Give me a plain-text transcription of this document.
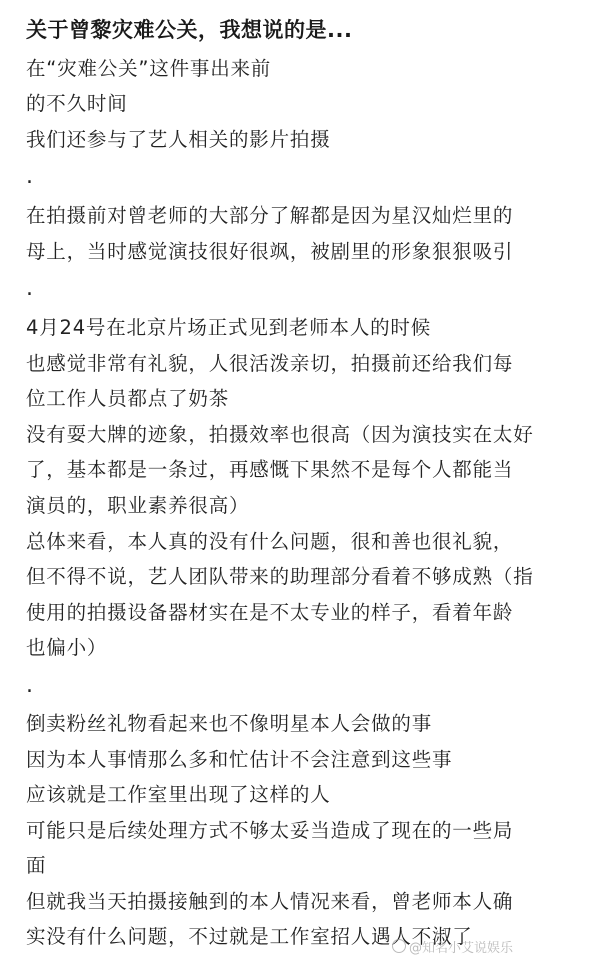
关于曾黎灾难公关，我想说的是...
在“灾难公关”这件事出来前
的不久时间
我们还参与了艺人相关的影片拍摄
.
在拍摄前对曾老师的大部分了解都是因为星汉灿烂里的
母上，当时感觉演技很好很飒，被剧里的形象狠狠吸引
.
4月24号在北京片场正式见到老师本人的时候
也感觉非常有礼貌，人很活泼亲切，拍摄前还给我们每
位工作人员都点了奶茶
没有耍大牌的迹象，拍摄效率也很高（因为演技实在太好
了，基本都是一条过，再感慨下果然不是每个人都能当
演员的，职业素养很高）
总体来看，本人真的没有什么问题，很和善也很礼貌，
但不得不说，艺人团队带来的助理部分看着不够成熟（指
使用的拍摄设备器材实在是不太专业的样子，看着年龄
也偏小）
.
倒卖粉丝礼物看起来也不像明星本人会做的事
因为本人事情那么多和忙估计不会注意到这些事
应该就是工作室里出现了这样的人
可能只是后续处理方式不够太妥当造成了现在的一些局
面
但就我当天拍摄接触到的本人情况来看，曾老师本人确
实没有什么问题，不过就是工作室招人遇人不淑了
@知名小艾说娱乐
